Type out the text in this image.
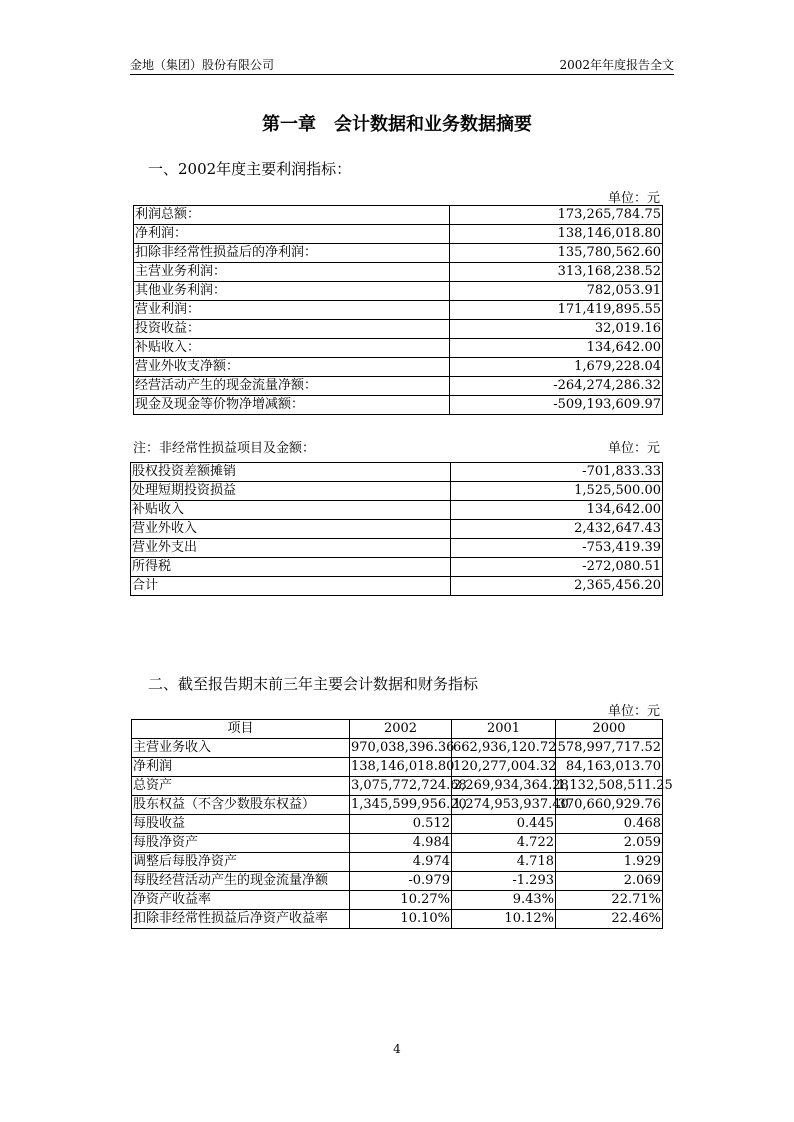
金地（集团）股份有限公司	2002年年度报告全文
第一章　会计数据和业务数据摘要
一、2002年度主要利润指标：
单位：元
利润总额：	173,265,784.75
净利润：	138,146,018.80
扣除非经常性损益后的净利润：	135,780,562.60
主营业务利润：	313,168,238.52
其他业务利润：	782,053.91
营业利润：	171,419,895.55
投资收益：	32,019.16
补贴收入：	134,642.00
营业外收支净额：	1,679,228.04
经营活动产生的现金流量净额：	-264,274,286.32
现金及现金等价物净增减额：	-509,193,609.97
注：非经常性损益项目及金额：	单位：元
股权投资差额摊销	-701,833.33
处理短期投资损益	1,525,500.00
补贴收入	134,642.00
营业外收入	2,432,647.43
营业外支出	-753,419.39
所得税	-272,080.51
合计	2,365,456.20
二、截至报告期末前三年主要会计数据和财务指标
单位：元
项目	2002	2001	2000
主营业务收入	970,038,396.36	662,936,120.72	578,997,717.52
净利润	138,146,018.80	120,277,004.32	84,163,013.70
总资产	3,075,772,724.68	2,269,934,364.28	1,132,508,511.25
股东权益（不含少数股东权益）	1,345,599,956.20	1,274,953,937.40	370,660,929.76
每股收益	0.512	0.445	0.468
每股净资产	4.984	4.722	2.059
调整后每股净资产	4.974	4.718	1.929
每股经营活动产生的现金流量净额	-0.979	-1.293	2.069
净资产收益率	10.27%	9.43%	22.71%
扣除非经常性损益后净资产收益率	10.10%	10.12%	22.46%
4
